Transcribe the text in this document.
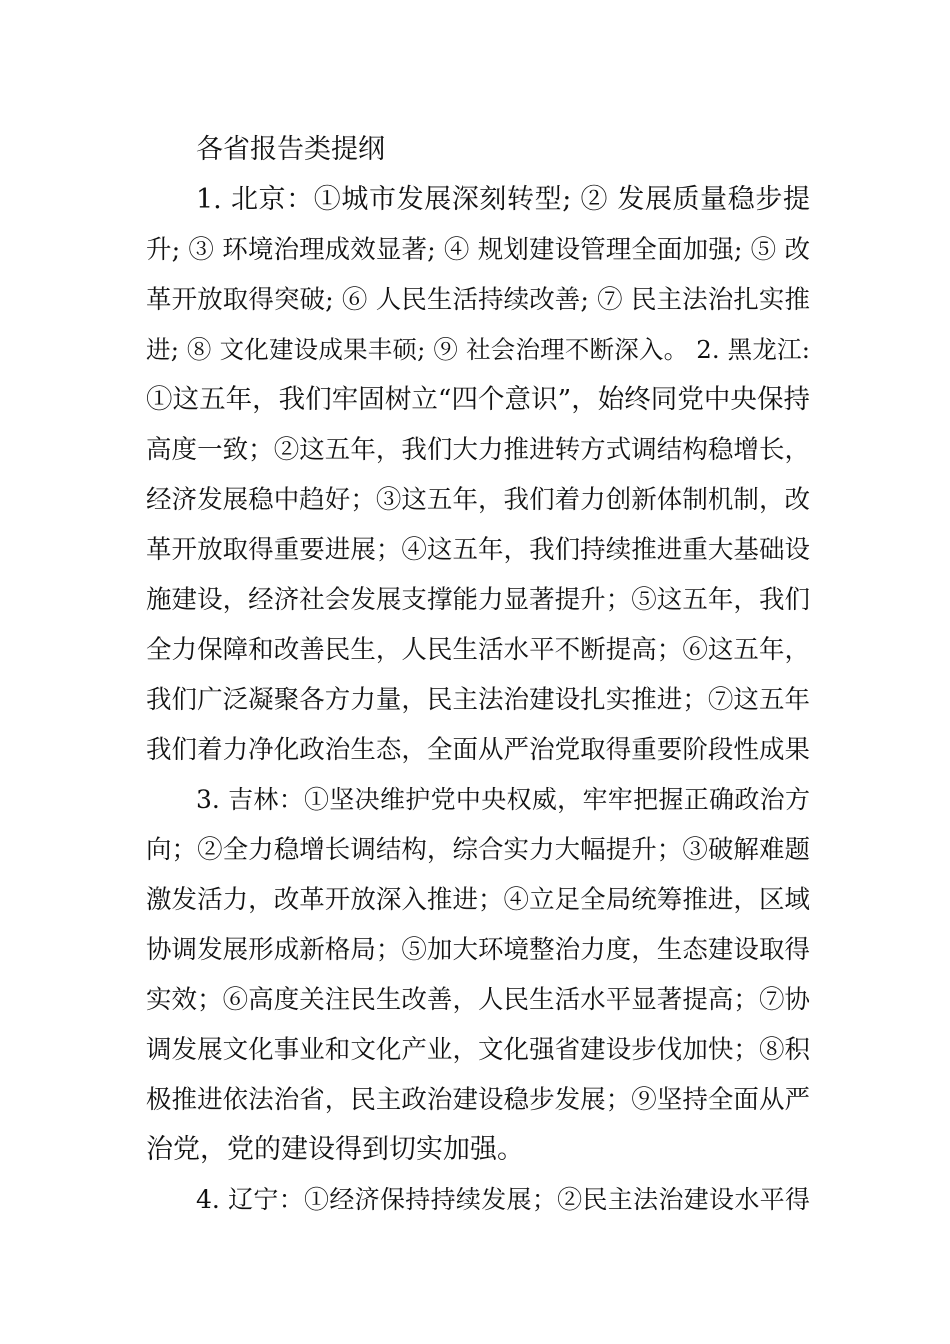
各省报告类提纲
1. 北京：①城市发展深刻转型; ② 发展质量稳步提
升; ③ 环境治理成效显著; ④ 规划建设管理全面加强; ⑤ 改
革开放取得突破; ⑥ 人民生活持续改善; ⑦ 民主法治扎实推
进; ⑧ 文化建设成果丰硕; ⑨ 社会治理不断深入。 2. 黑龙江:
①这五年，我们牢固树立“四个意识”，始终同党中央保持
高度一致；②这五年，我们大力推进转方式调结构稳增长，
经济发展稳中趋好；③这五年，我们着力创新体制机制，改
革开放取得重要进展；④这五年，我们持续推进重大基础设
施建设，经济社会发展支撑能力显著提升；⑤这五年，我们
全力保障和改善民生，人民生活水平不断提高；⑥这五年，
我们广泛凝聚各方力量，民主法治建设扎实推进；⑦这五年
我们着力净化政治生态，全面从严治党取得重要阶段性成果
3. 吉林：①坚决维护党中央权威，牢牢把握正确政治方
向；②全力稳增长调结构，综合实力大幅提升；③破解难题
激发活力，改革开放深入推进；④立足全局统筹推进，区域
协调发展形成新格局；⑤加大环境整治力度，生态建设取得
实效；⑥高度关注民生改善，人民生活水平显著提高；⑦协
调发展文化事业和文化产业，文化强省建设步伐加快；⑧积
极推进依法治省，民主政治建设稳步发展；⑨坚持全面从严
治党，党的建设得到切实加强。
4. 辽宁：①经济保持持续发展；②民主法治建设水平得
